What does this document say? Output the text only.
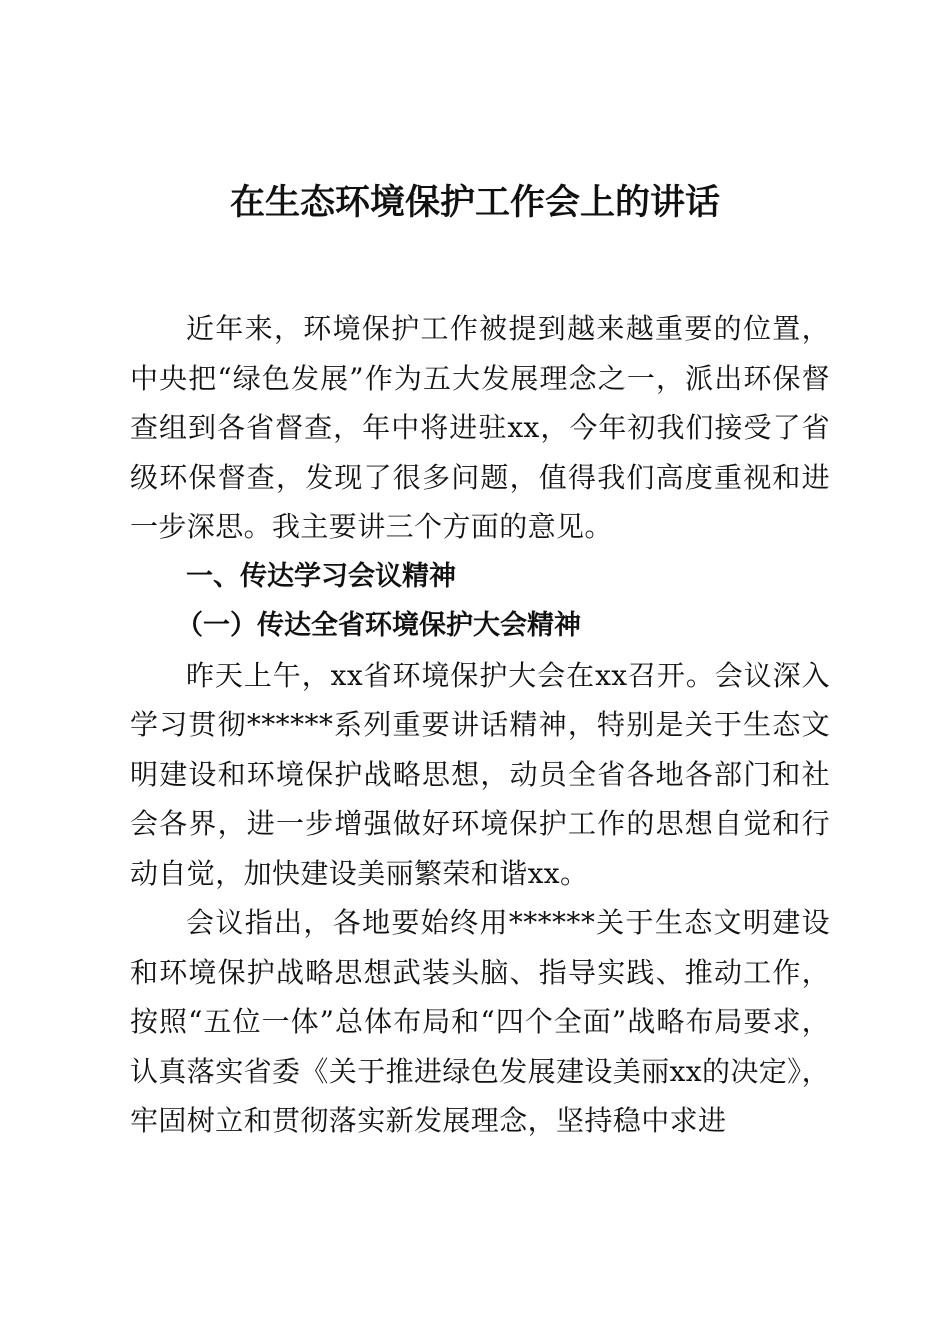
在生态环境保护工作会上的讲话

近年来，环境保护工作被提到越来越重要的位置，中央把“绿色发展”作为五大发展理念之一，派出环保督查组到各省督查，年中将进驻xx，今年初我们接受了省级环保督查，发现了很多问题，值得我们高度重视和进一步深思。我主要讲三个方面的意见。

一、传达学习会议精神

（一）传达全省环境保护大会精神

昨天上午，xx省环境保护大会在xx召开。会议深入学习贯彻******系列重要讲话精神，特别是关于生态文明建设和环境保护战略思想，动员全省各地各部门和社会各界，进一步增强做好环境保护工作的思想自觉和行动自觉，加快建设美丽繁荣和谐xx。

会议指出，各地要始终用******关于生态文明建设和环境保护战略思想武装头脑、指导实践、推动工作，按照“五位一体”总体布局和“四个全面”战略布局要求，认真落实省委《关于推进绿色发展建设美丽xx的决定》，牢固树立和贯彻落实新发展理念，坚持稳中求进
